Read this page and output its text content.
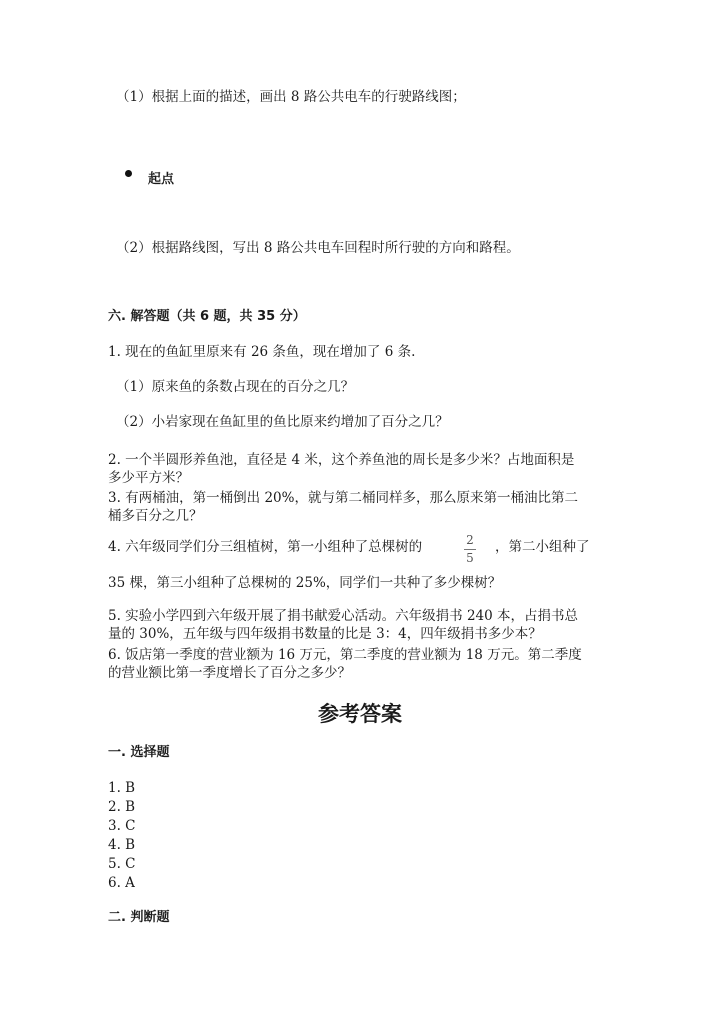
（1）根据上面的描述，画出 8 路公共电车的行驶路线图；
起点
（2）根据路线图，写出 8 路公共电车回程时所行驶的方向和路程。
六. 解答题（共 6 题，共 35 分）
1. 现在的鱼缸里原来有 26 条鱼，现在增加了 6 条.
（1）原来鱼的条数占现在的百分之几？
（2）小岩家现在鱼缸里的鱼比原来约增加了百分之几？
2. 一个半圆形养鱼池，直径是 4 米，这个养鱼池的周长是多少米？占地面积是
多少平方米？
3. 有两桶油，第一桶倒出 20%，就与第二桶同样多，那么原来第一桶油比第二
桶多百分之几？
4. 六年级同学们分三组植树，第一小组种了总棵树的	2
5
，第二小组种了
35 棵，第三小组种了总棵树的 25%，同学们一共种了多少棵树？
5. 实验小学四到六年级开展了捐书献爱心活动。六年级捐书 240 本，占捐书总
量的 30%，五年级与四年级捐书数量的比是 3：4，四年级捐书多少本？
6. 饭店第一季度的营业额为 16 万元，第二季度的营业额为 18 万元。第二季度
的营业额比第一季度增长了百分之多少？
参考答案
一. 选择题
1. B
2. B
3. C
4. B
5. C
6. A
二. 判断题
